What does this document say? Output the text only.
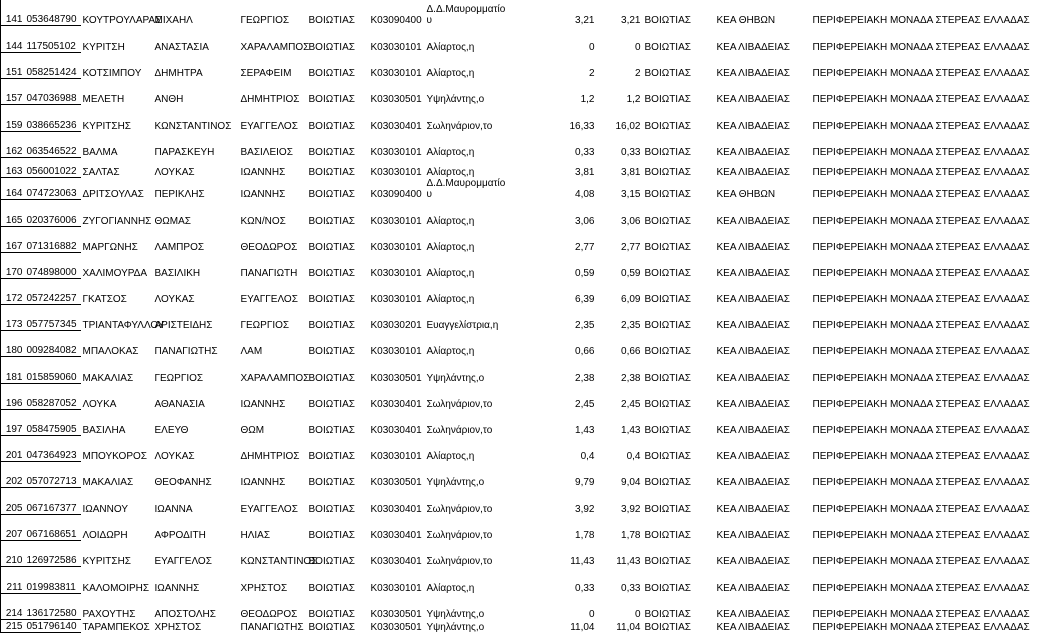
141	053648790	ΚΟΥΤΡΟΥΛΑΡΑΣ	ΜΙΧΑΗΛ	ΓΕΩΡΓΙΟΣ	ΒΟΙΩΤΙΑΣ	K03090400	Δ.Δ.Μαυρομματίο
υ	3,21	3,21	ΒΟΙΩΤΙΑΣ	ΚΕΑ ΘΗΒΩΝ	ΠΕΡΙΦΕΡΕΙΑΚΗ ΜΟΝΑΔΑ ΣΤΕΡΕΑΣ ΕΛΛΑΔΑΣ
144	117505102	ΚΥΡΙΤΣΗ	ΑΝΑΣΤΑΣΙΑ	ΧΑΡΑΛΑΜΠΟΣ	ΒΟΙΩΤΙΑΣ	K03030101	Αλίαρτος,η	0	0	ΒΟΙΩΤΙΑΣ	ΚΕΑ ΛΙΒΑΔΕΙΑΣ	ΠΕΡΙΦΕΡΕΙΑΚΗ ΜΟΝΑΔΑ ΣΤΕΡΕΑΣ ΕΛΛΑΔΑΣ
151	058251424	ΚΟΤΣΙΜΠΟΥ	ΔΗΜΗΤΡΑ	ΣΕΡΑΦΕΙΜ	ΒΟΙΩΤΙΑΣ	K03030101	Αλίαρτος,η	2	2	ΒΟΙΩΤΙΑΣ	ΚΕΑ ΛΙΒΑΔΕΙΑΣ	ΠΕΡΙΦΕΡΕΙΑΚΗ ΜΟΝΑΔΑ ΣΤΕΡΕΑΣ ΕΛΛΑΔΑΣ
157	047036988	ΜΕΛΕΤΗ	ΑΝΘΗ	ΔΗΜΗΤΡΙΟΣ	ΒΟΙΩΤΙΑΣ	K03030501	Υψηλάντης,ο	1,2	1,2	ΒΟΙΩΤΙΑΣ	ΚΕΑ ΛΙΒΑΔΕΙΑΣ	ΠΕΡΙΦΕΡΕΙΑΚΗ ΜΟΝΑΔΑ ΣΤΕΡΕΑΣ ΕΛΛΑΔΑΣ
159	038665236	ΚΥΡΙΤΣΗΣ	ΚΩΝΣΤΑΝΤΙΝΟΣ	ΕΥΑΓΓΕΛΟΣ	ΒΟΙΩΤΙΑΣ	K03030401	Σωληνάριον,το	16,33	16,02	ΒΟΙΩΤΙΑΣ	ΚΕΑ ΛΙΒΑΔΕΙΑΣ	ΠΕΡΙΦΕΡΕΙΑΚΗ ΜΟΝΑΔΑ ΣΤΕΡΕΑΣ ΕΛΛΑΔΑΣ
162	063546522	ΒΑΛΜΑ	ΠΑΡΑΣΚΕΥΗ	ΒΑΣΙΛΕΙΟΣ	ΒΟΙΩΤΙΑΣ	K03030101	Αλίαρτος,η	0,33	0,33	ΒΟΙΩΤΙΑΣ	ΚΕΑ ΛΙΒΑΔΕΙΑΣ	ΠΕΡΙΦΕΡΕΙΑΚΗ ΜΟΝΑΔΑ ΣΤΕΡΕΑΣ ΕΛΛΑΔΑΣ
163	056001022	ΣΑΛΤΑΣ	ΛΟΥΚΑΣ	ΙΩΑΝΝΗΣ	ΒΟΙΩΤΙΑΣ	K03030101	Αλίαρτος,η	3,81	3,81	ΒΟΙΩΤΙΑΣ	ΚΕΑ ΛΙΒΑΔΕΙΑΣ	ΠΕΡΙΦΕΡΕΙΑΚΗ ΜΟΝΑΔΑ ΣΤΕΡΕΑΣ ΕΛΛΑΔΑΣ
164	074723063	ΔΡΙΤΣΟΥΛΑΣ	ΠΕΡΙΚΛΗΣ	ΙΩΑΝΝΗΣ	ΒΟΙΩΤΙΑΣ	K03090400	Δ.Δ.Μαυρομματίο
υ	4,08	3,15	ΒΟΙΩΤΙΑΣ	ΚΕΑ ΘΗΒΩΝ	ΠΕΡΙΦΕΡΕΙΑΚΗ ΜΟΝΑΔΑ ΣΤΕΡΕΑΣ ΕΛΛΑΔΑΣ
165	020376006	ΖΥΓΟΓΙΑΝΝΗΣ	ΘΩΜΑΣ	ΚΩΝ/ΝΟΣ	ΒΟΙΩΤΙΑΣ	K03030101	Αλίαρτος,η	3,06	3,06	ΒΟΙΩΤΙΑΣ	ΚΕΑ ΛΙΒΑΔΕΙΑΣ	ΠΕΡΙΦΕΡΕΙΑΚΗ ΜΟΝΑΔΑ ΣΤΕΡΕΑΣ ΕΛΛΑΔΑΣ
167	071316882	ΜΑΡΓΩΝΗΣ	ΛΑΜΠΡΟΣ	ΘΕΟΔΩΡΟΣ	ΒΟΙΩΤΙΑΣ	K03030101	Αλίαρτος,η	2,77	2,77	ΒΟΙΩΤΙΑΣ	ΚΕΑ ΛΙΒΑΔΕΙΑΣ	ΠΕΡΙΦΕΡΕΙΑΚΗ ΜΟΝΑΔΑ ΣΤΕΡΕΑΣ ΕΛΛΑΔΑΣ
170	074898000	ΧΑΛΙΜΟΥΡΔΑ	ΒΑΣΙΛΙΚΗ	ΠΑΝΑΓΙΩΤΗ	ΒΟΙΩΤΙΑΣ	K03030101	Αλίαρτος,η	0,59	0,59	ΒΟΙΩΤΙΑΣ	ΚΕΑ ΛΙΒΑΔΕΙΑΣ	ΠΕΡΙΦΕΡΕΙΑΚΗ ΜΟΝΑΔΑ ΣΤΕΡΕΑΣ ΕΛΛΑΔΑΣ
172	057242257	ΓΚΑΤΣΟΣ	ΛΟΥΚΑΣ	ΕΥΑΓΓΕΛΟΣ	ΒΟΙΩΤΙΑΣ	K03030101	Αλίαρτος,η	6,39	6,09	ΒΟΙΩΤΙΑΣ	ΚΕΑ ΛΙΒΑΔΕΙΑΣ	ΠΕΡΙΦΕΡΕΙΑΚΗ ΜΟΝΑΔΑ ΣΤΕΡΕΑΣ ΕΛΛΑΔΑΣ
173	057757345	ΤΡΙΑΝΤΑΦΥΛΛΟΥ	ΑΡΙΣΤΕΙΔΗΣ	ΓΕΩΡΓΙΟΣ	ΒΟΙΩΤΙΑΣ	K03030201	Ευαγγελίστρια,η	2,35	2,35	ΒΟΙΩΤΙΑΣ	ΚΕΑ ΛΙΒΑΔΕΙΑΣ	ΠΕΡΙΦΕΡΕΙΑΚΗ ΜΟΝΑΔΑ ΣΤΕΡΕΑΣ ΕΛΛΑΔΑΣ
180	009284082	ΜΠΑΛΟΚΑΣ	ΠΑΝΑΓΙΩΤΗΣ	ΛΑΜ	ΒΟΙΩΤΙΑΣ	K03030101	Αλίαρτος,η	0,66	0,66	ΒΟΙΩΤΙΑΣ	ΚΕΑ ΛΙΒΑΔΕΙΑΣ	ΠΕΡΙΦΕΡΕΙΑΚΗ ΜΟΝΑΔΑ ΣΤΕΡΕΑΣ ΕΛΛΑΔΑΣ
181	015859060	ΜΑΚΑΛΙΑΣ	ΓΕΩΡΓΙΟΣ	ΧΑΡΑΛΑΜΠΟΣ	ΒΟΙΩΤΙΑΣ	K03030501	Υψηλάντης,ο	2,38	2,38	ΒΟΙΩΤΙΑΣ	ΚΕΑ ΛΙΒΑΔΕΙΑΣ	ΠΕΡΙΦΕΡΕΙΑΚΗ ΜΟΝΑΔΑ ΣΤΕΡΕΑΣ ΕΛΛΑΔΑΣ
196	058287052	ΛΟΥΚΑ	ΑΘΑΝΑΣΙΑ	ΙΩΑΝΝΗΣ	ΒΟΙΩΤΙΑΣ	K03030401	Σωληνάριον,το	2,45	2,45	ΒΟΙΩΤΙΑΣ	ΚΕΑ ΛΙΒΑΔΕΙΑΣ	ΠΕΡΙΦΕΡΕΙΑΚΗ ΜΟΝΑΔΑ ΣΤΕΡΕΑΣ ΕΛΛΑΔΑΣ
197	058475905	ΒΑΣΙΛΗΑ	ΕΛΕΥΘ	ΘΩΜ	ΒΟΙΩΤΙΑΣ	K03030401	Σωληνάριον,το	1,43	1,43	ΒΟΙΩΤΙΑΣ	ΚΕΑ ΛΙΒΑΔΕΙΑΣ	ΠΕΡΙΦΕΡΕΙΑΚΗ ΜΟΝΑΔΑ ΣΤΕΡΕΑΣ ΕΛΛΑΔΑΣ
201	047364923	ΜΠΟΥΚΟΡΟΣ	ΛΟΥΚΑΣ	ΔΗΜΗΤΡΙΟΣ	ΒΟΙΩΤΙΑΣ	K03030101	Αλίαρτος,η	0,4	0,4	ΒΟΙΩΤΙΑΣ	ΚΕΑ ΛΙΒΑΔΕΙΑΣ	ΠΕΡΙΦΕΡΕΙΑΚΗ ΜΟΝΑΔΑ ΣΤΕΡΕΑΣ ΕΛΛΑΔΑΣ
202	057072713	ΜΑΚΑΛΙΑΣ	ΘΕΟΦΑΝΗΣ	ΙΩΑΝΝΗΣ	ΒΟΙΩΤΙΑΣ	K03030501	Υψηλάντης,ο	9,79	9,04	ΒΟΙΩΤΙΑΣ	ΚΕΑ ΛΙΒΑΔΕΙΑΣ	ΠΕΡΙΦΕΡΕΙΑΚΗ ΜΟΝΑΔΑ ΣΤΕΡΕΑΣ ΕΛΛΑΔΑΣ
205	067167377	ΙΩΑΝΝΟΥ	ΙΩΑΝΝΑ	ΕΥΑΓΓΕΛΟΣ	ΒΟΙΩΤΙΑΣ	K03030401	Σωληνάριον,το	3,92	3,92	ΒΟΙΩΤΙΑΣ	ΚΕΑ ΛΙΒΑΔΕΙΑΣ	ΠΕΡΙΦΕΡΕΙΑΚΗ ΜΟΝΑΔΑ ΣΤΕΡΕΑΣ ΕΛΛΑΔΑΣ
207	067168651	ΛΟΙΔΩΡΗ	ΑΦΡΟΔΙΤΗ	ΗΛΙΑΣ	ΒΟΙΩΤΙΑΣ	K03030401	Σωληνάριον,το	1,78	1,78	ΒΟΙΩΤΙΑΣ	ΚΕΑ ΛΙΒΑΔΕΙΑΣ	ΠΕΡΙΦΕΡΕΙΑΚΗ ΜΟΝΑΔΑ ΣΤΕΡΕΑΣ ΕΛΛΑΔΑΣ
210	126972586	ΚΥΡΙΤΣΗΣ	ΕΥΑΓΓΕΛΟΣ	ΚΩΝΣΤΑΝΤΙΝΟΣ	ΒΟΙΩΤΙΑΣ	K03030401	Σωληνάριον,το	11,43	11,43	ΒΟΙΩΤΙΑΣ	ΚΕΑ ΛΙΒΑΔΕΙΑΣ	ΠΕΡΙΦΕΡΕΙΑΚΗ ΜΟΝΑΔΑ ΣΤΕΡΕΑΣ ΕΛΛΑΔΑΣ
211	019983811	ΚΑΛΟΜΟΙΡΗΣ	ΙΩΑΝΝΗΣ	ΧΡΗΣΤΟΣ	ΒΟΙΩΤΙΑΣ	K03030101	Αλίαρτος,η	0,33	0,33	ΒΟΙΩΤΙΑΣ	ΚΕΑ ΛΙΒΑΔΕΙΑΣ	ΠΕΡΙΦΕΡΕΙΑΚΗ ΜΟΝΑΔΑ ΣΤΕΡΕΑΣ ΕΛΛΑΔΑΣ
214	136172580	ΡΑΧΟΥΤΗΣ	ΑΠΟΣΤΟΛΗΣ	ΘΕΟΔΩΡΟΣ	ΒΟΙΩΤΙΑΣ	K03030501	Υψηλάντης,ο	0	0	ΒΟΙΩΤΙΑΣ	ΚΕΑ ΛΙΒΑΔΕΙΑΣ	ΠΕΡΙΦΕΡΕΙΑΚΗ ΜΟΝΑΔΑ ΣΤΕΡΕΑΣ ΕΛΛΑΔΑΣ
215	051796140	ΤΑΡΑΜΠΕΚΟΣ	ΧΡΗΣΤΟΣ	ΠΑΝΑΓΙΩΤΗΣ	ΒΟΙΩΤΙΑΣ	K03030501	Υψηλάντης,ο	11,04	11,04	ΒΟΙΩΤΙΑΣ	ΚΕΑ ΛΙΒΑΔΕΙΑΣ	ΠΕΡΙΦΕΡΕΙΑΚΗ ΜΟΝΑΔΑ ΣΤΕΡΕΑΣ ΕΛΛΑΔΑΣ
